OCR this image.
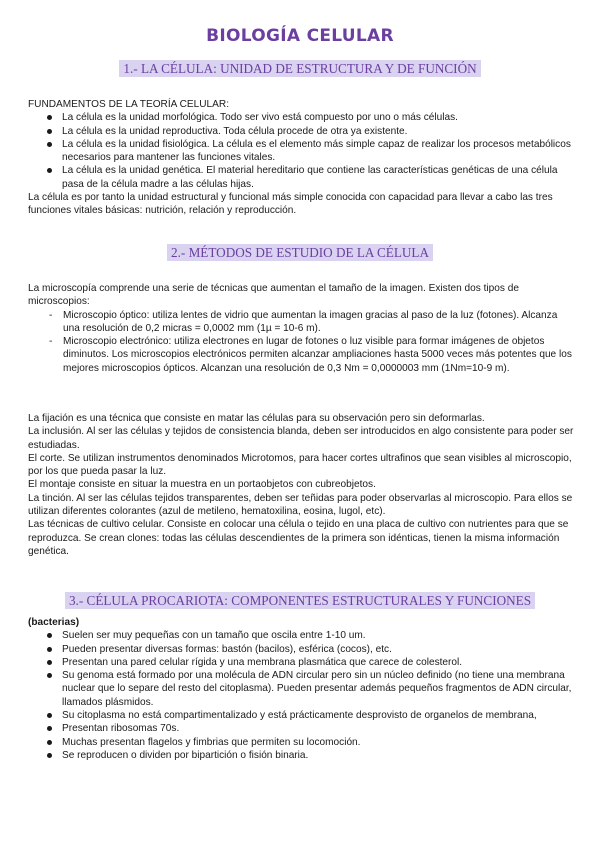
BIOLOGÍA CELULAR
1.- LA CÉLULA: UNIDAD DE ESTRUCTURA Y DE FUNCIÓN

FUNDAMENTOS DE LA TEORÍA CELULAR:

La célula es la unidad morfológica. Todo ser vivo está compuesto por uno o más células.
La célula es la unidad reproductiva. Toda célula procede de otra ya existente.
La célula es la unidad fisiológica. La célula es el elemento más simple capaz de realizar los procesos metabólicos necesarios para mantener las funciones vitales.
La célula es la unidad genética. El material hereditario que contiene las características genéticas de una célula pasa de la célula madre a las células hijas.

La célula es por tanto la unidad estructural y funcional más simple conocida con capacidad para llevar a cabo las tres funciones vitales básicas: nutrición, relación y reproducción.

2.- MÉTODOS DE ESTUDIO DE LA CÉLULA

La microscopía comprende una serie de técnicas que aumentan el tamaño de la imagen. Existen dos tipos de microscopios:

- Microscopio óptico: utiliza lentes de vidrio que aumentan la imagen gracias al paso de la luz (fotones). Alcanza una resolución de 0,2 micras = 0,0002 mm (1µ = 10-6 m).
- Microscopio electrónico: utiliza electrones en lugar de fotones o luz visible para formar imágenes de objetos diminutos. Los microscopios electrónicos permiten alcanzar ampliaciones hasta 5000 veces más potentes que los mejores microscopios ópticos. Alcanzan una resolución de 0,3 Nm = 0,0000003 mm (1Nm=10-9 m).

La fijación es una técnica que consiste en matar las células para su observación pero sin deformarlas.

La inclusión. Al ser las células y tejidos de consistencia blanda, deben ser introducidos en algo consistente para poder ser estudiadas.

El corte. Se utilizan instrumentos denominados Microtomos, para hacer cortes ultrafinos que sean visibles al microscopio, por los que pueda pasar la luz.

El montaje consiste en situar la muestra en un portaobjetos con cubreobjetos.

La tinción. Al ser las células tejidos transparentes, deben ser teñidas para poder observarlas al microscopio. Para ellos se utilizan diferentes colorantes (azul de metileno, hematoxilina, eosina, lugol, etc).

Las técnicas de cultivo celular. Consiste en colocar una célula o tejido en una placa de cultivo con nutrientes para que se reproduzca. Se crean clones: todas las células descendientes de la primera son idénticas, tienen la misma información genética.

3.- CÉLULA PROCARIOTA: COMPONENTES ESTRUCTURALES Y FUNCIONES

(bacterias)

Suelen ser muy pequeñas con un tamaño que oscila entre 1-10 um.
Pueden presentar diversas formas: bastón (bacilos), esférica (cocos), etc.
Presentan una pared celular rígida y una membrana plasmática que carece de colesterol.
Su genoma está formado por una molécula de ADN circular pero sin un núcleo definido (no tiene una membrana nuclear que lo separe del resto del citoplasma). Pueden presentar además pequeños fragmentos de ADN circular, llamados plásmidos.
Su citoplasma no está compartimentalizado y está prácticamente desprovisto de organelos de membrana,
Presentan ribosomas 70s.
Muchas presentan flagelos y fimbrias que permiten su locomoción.
Se reproducen o dividen por bipartición o fisión binaria.
